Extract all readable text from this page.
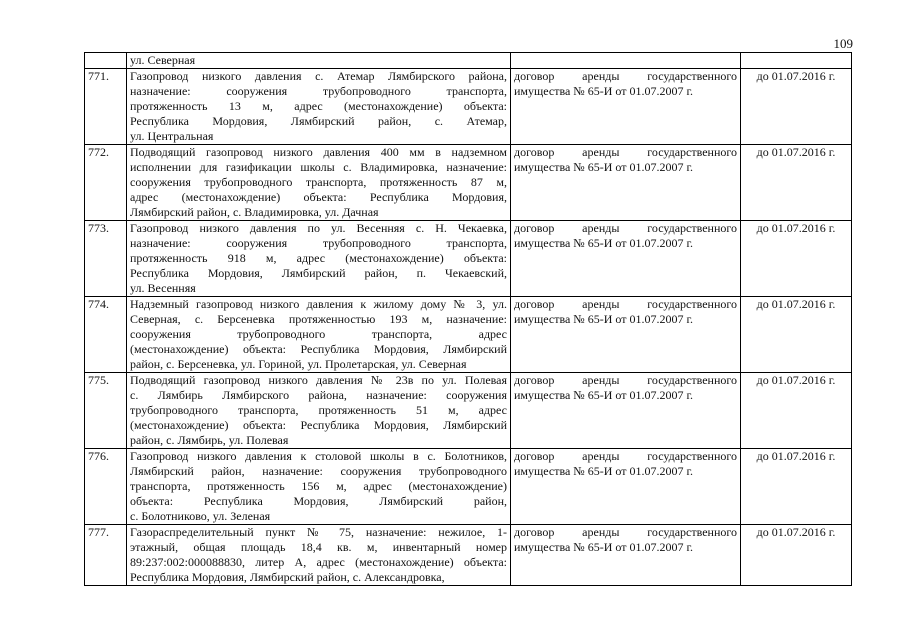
109

	ул. Северная		

771.	Газопровод низкого давления с. Атемар Лямбирского района,
назначение: сооружения трубопроводного транспорта,
протяженность 13 м, адрес (местонахождение) объекта:
Республика Мордовия, Лямбирский район, с. Атемар,
ул. Центральная	договор аренды государственного
имущества № 65-И от 01.07.2007 г.	до 01.07.2016 г.
772.	Подводящий газопровод низкого давления 400 мм в надземном
исполнении для газификации школы с. Владимировка, назначение:
сооружения трубопроводного транспорта, протяженность 87 м,
адрес (местонахождение) объекта: Республика Мордовия,
Лямбирский район, с. Владимировка, ул. Дачная	договор аренды государственного
имущества № 65-И от 01.07.2007 г.	до 01.07.2016 г.
773.	Газопровод низкого давления по ул. Весенняя с. Н. Чекаевка,
назначение: сооружения трубопроводного транспорта,
протяженность 918 м, адрес (местонахождение) объекта:
Республика Мордовия, Лямбирский район, п. Чекаевский,
ул. Весенняя	договор аренды государственного
имущества № 65-И от 01.07.2007 г.	до 01.07.2016 г.
774.	Надземный газопровод низкого давления к жилому дому № 3, ул.
Северная, с. Берсеневка протяженностью 193 м, назначение:
сооружения трубопроводного транспорта, адрес
(местонахождение) объекта: Республика Мордовия, Лямбирский
район, с. Берсеневка, ул. Гориной, ул. Пролетарская, ул. Северная	договор аренды государственного
имущества № 65-И от 01.07.2007 г.	до 01.07.2016 г.
775.	Подводящий газопровод низкого давления № 23в по ул. Полевая
с. Лямбирь Лямбирского района, назначение: сооружения
трубопроводного транспорта, протяженность 51 м, адрес
(местонахождение) объекта: Республика Мордовия, Лямбирский
район, с. Лямбирь, ул. Полевая	договор аренды государственного
имущества № 65-И от 01.07.2007 г.	до 01.07.2016 г.
776.	Газопровод низкого давления к столовой школы в с. Болотников,
Лямбирский район, назначение: сооружения трубопроводного
транспорта, протяженность 156 м, адрес (местонахождение)
объекта: Республика Мордовия, Лямбирский район,
с. Болотниково, ул. Зеленая	договор аренды государственного
имущества № 65-И от 01.07.2007 г.	до 01.07.2016 г.
777.	Газораспределительный пункт № 75, назначение: нежилое, 1-
этажный, общая площадь 18,4 кв. м, инвентарный номер
89:237:002:000088830, литер А, адрес (местонахождение) объекта:
Республика Мордовия, Лямбирский район, с. Александровка,	договор аренды государственного
имущества № 65-И от 01.07.2007 г.	до 01.07.2016 г.
